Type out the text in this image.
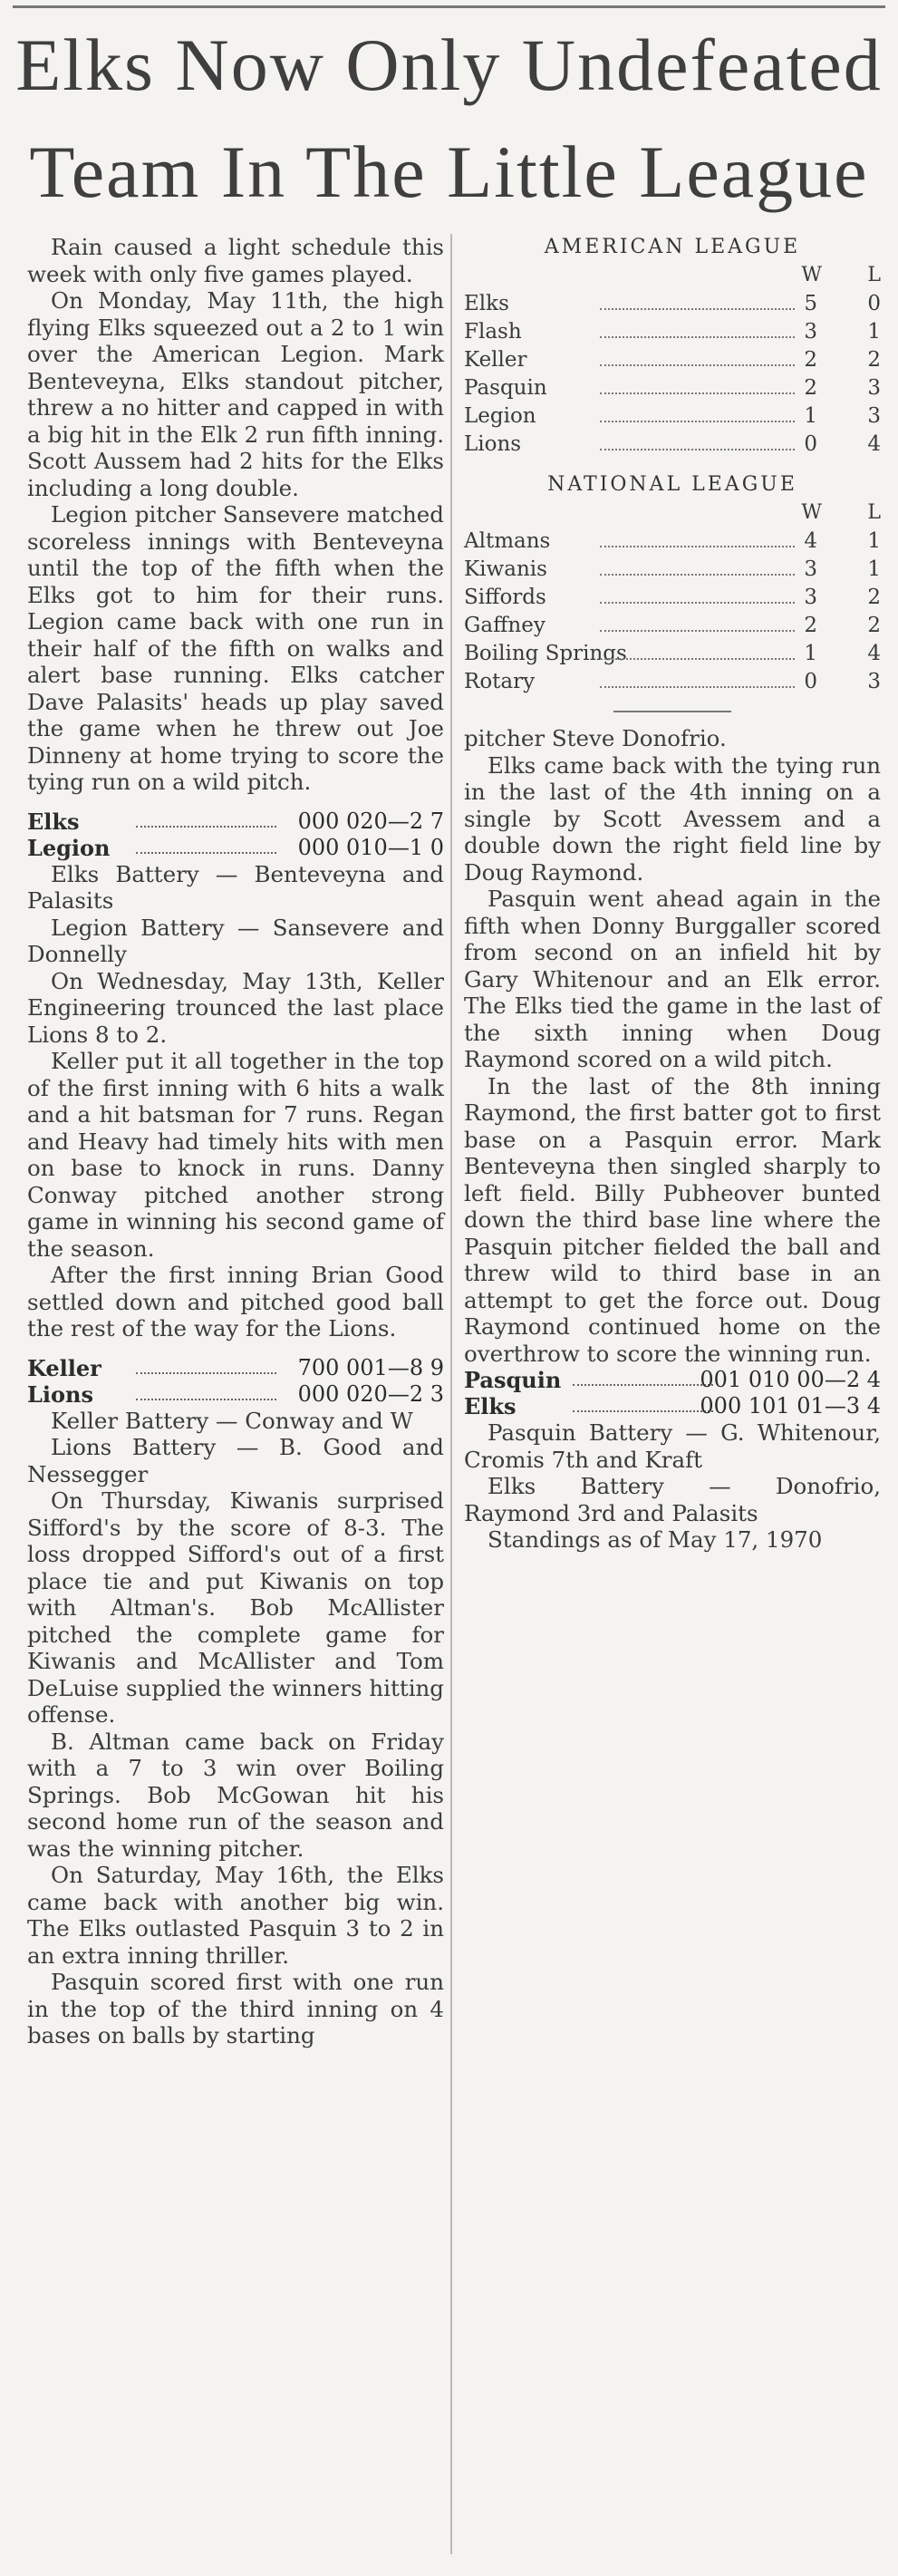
Elks Now Only Undefeated
Team In The Little League

Rain caused a light schedule this week with only five games played.

On Monday, May 11th, the high flying Elks squeezed out a 2 to 1 win over the American Legion. Mark Benteveyna, Elks standout pitcher, threw a no hitter and capped in with a big hit in the Elk 2 run fifth inning. Scott Aussem had 2 hits for the Elks including a long double.

Legion pitcher Sansevere matched scoreless innings with Benteveyna until the top of the fifth when the Elks got to him for their runs. Legion came back with one run in their half of the fifth on walks and alert base running. Elks catcher Dave Palasits' heads up play saved the game when he threw out Joe Dinneny at home trying to score the tying run on a wild pitch.

Elks	000 020—2 7
Legion	000 010—1 0

Elks Battery — Benteveyna and Palasits

Legion Battery — Sansevere and Donnelly

On Wednesday, May 13th, Keller Engineering trounced the last place Lions 8 to 2.

Keller put it all together in the top of the first inning with 6 hits a walk and a hit batsman for 7 runs. Regan and Heavy had timely hits with men on base to knock in runs. Danny Conway pitched another strong game in winning his second game of the season.

After the first inning Brian Good settled down and pitched good ball the rest of the way for the Lions.

Keller	700 001—8 9
Lions	000 020—2 3

Keller Battery — Conway and W

Lions Battery — B. Good and Nessegger

On Thursday, Kiwanis surprised Sifford's by the score of 8-3. The loss dropped Sifford's out of a first place tie and put Kiwanis on top with Altman's. Bob McAllister pitched the complete game for Kiwanis and McAllister and Tom DeLuise supplied the winners hitting offense.

B. Altman came back on Friday with a 7 to 3 win over Boiling Springs. Bob McGowan hit his second home run of the season and was the winning pitcher.

On Saturday, May 16th, the Elks came back with another big win. The Elks outlasted Pasquin 3 to 2 in an extra inning thriller.

Pasquin scored first with one run in the top of the third inning on 4 bases on balls by starting

AMERICAN LEAGUE

W L
Elks	5 0
Flash	3 1
Keller	2 2
Pasquin	2 3
Legion	1 3
Lions	0 4

NATIONAL LEAGUE

W L
Altmans	4 1
Kiwanis	3 1
Siffords	3 2
Gaffney	2 2
Boiling Springs	1 4
Rotary	0 3

pitcher Steve Donofrio.

Elks came back with the tying run in the last of the 4th inning on a single by Scott Avessem and a double down the right field line by Doug Raymond.

Pasquin went ahead again in the fifth when Donny Burggaller scored from second on an infield hit by Gary Whitenour and an Elk error. The Elks tied the game in the last of the sixth inning when Doug Raymond scored on a wild pitch.

In the last of the 8th inning Raymond, the first batter got to first base on a Pasquin error. Mark Benteveyna then singled sharply to left field. Billy Pubheover bunted down the third base line where the Pasquin pitcher fielded the ball and threw wild to third base in an attempt to get the force out. Doug Raymond continued home on the overthrow to score the winning run.

Pasquin	001 010 00—2 4
Elks	000 101 01—3 4

Pasquin Battery — G. Whitenour, Cromis 7th and Kraft

Elks Battery — Donofrio, Raymond 3rd and Palasits

Standings as of May 17, 1970
